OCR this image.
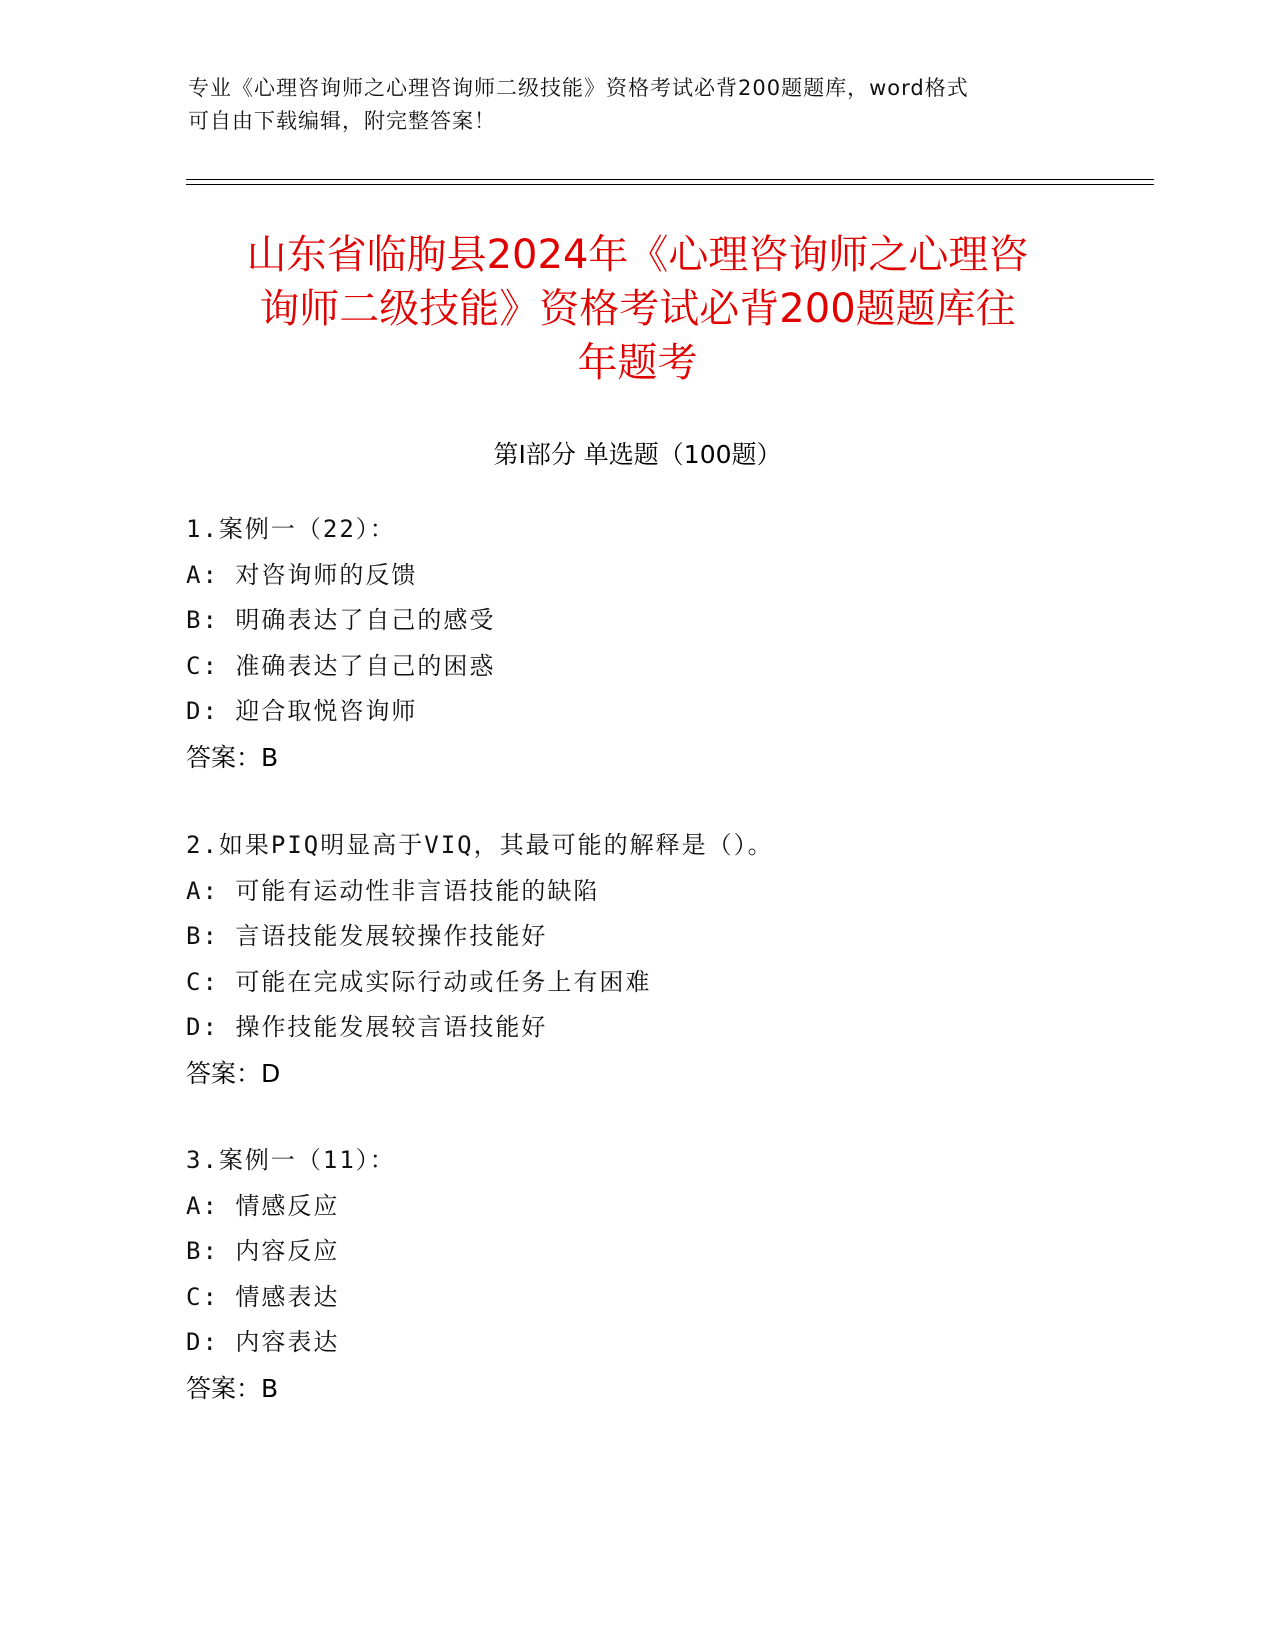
专业《心理咨询师之心理咨询师二级技能》资格考试必背200题题库，word格式
可自由下载编辑，附完整答案！
山东省临朐县2024年《心理咨询师之心理咨
询师二级技能》资格考试必背200题题库往
年题考
第Ⅰ部分 单选题（100题）
1.案例一（22）：
A: 对咨询师的反馈
B: 明确表达了自己的感受
C: 准确表达了自己的困惑
D: 迎合取悦咨询师
答案：B
2.如果PIQ明显高于VIQ，其最可能的解释是（）。
A: 可能有运动性非言语技能的缺陷
B: 言语技能发展较操作技能好
C: 可能在完成实际行动或任务上有困难
D: 操作技能发展较言语技能好
答案：D
3.案例一（11）：
A: 情感反应
B: 内容反应
C: 情感表达
D: 内容表达
答案：B
